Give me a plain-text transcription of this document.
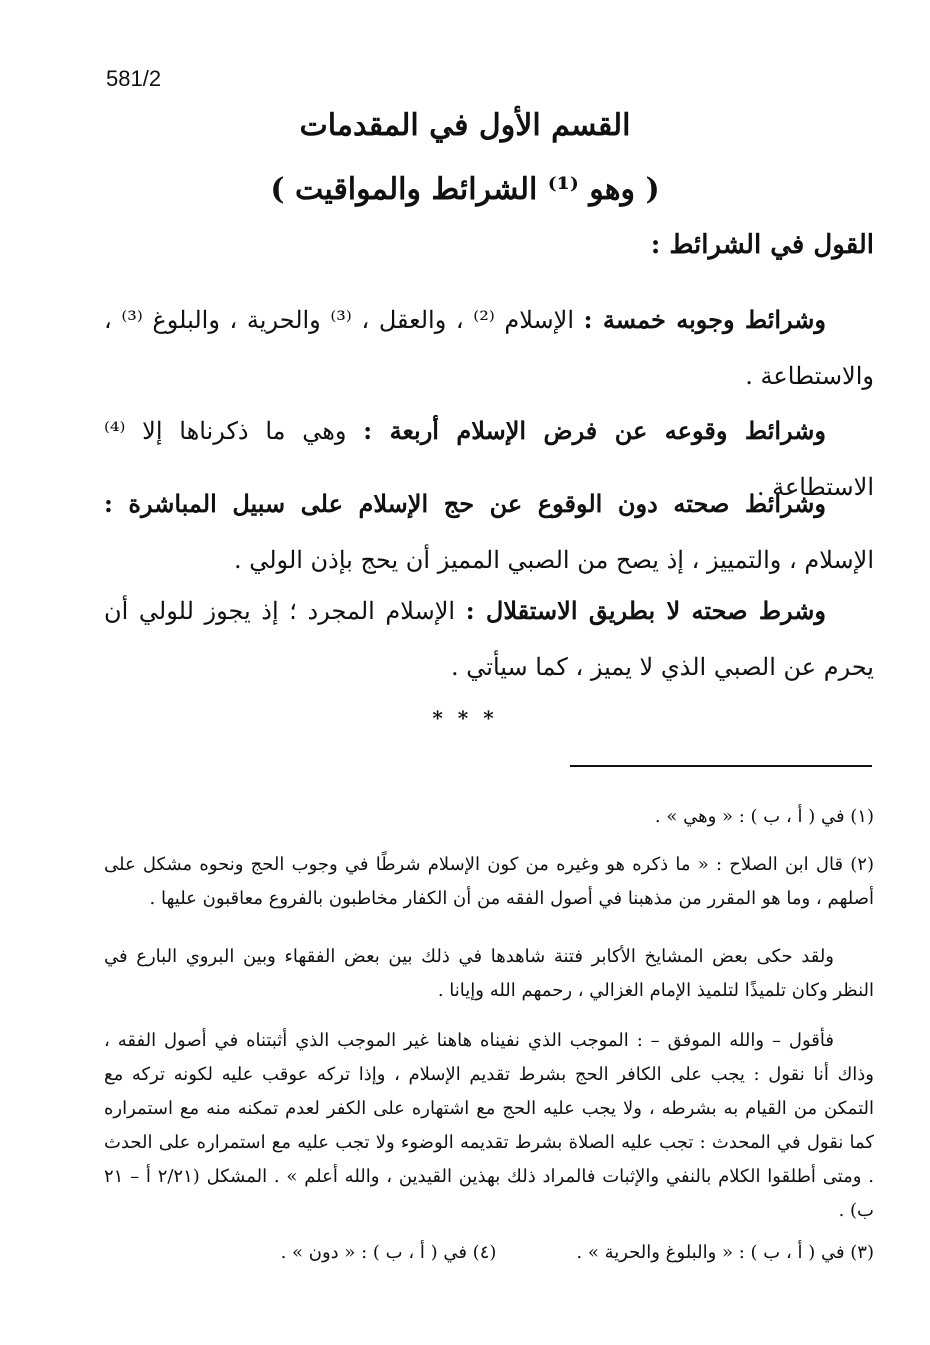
581/2
القسم الأول في المقدمات
( وهو ⁽¹⁾ الشرائط والمواقيت )
القول في الشرائط :
وشرائط وجوبه خمسة : الإسلام ⁽²⁾ ، والعقل ، ⁽³⁾ والحرية ، والبلوغ ⁽³⁾ ، والاستطاعة .
وشرائط وقوعه عن فرض الإسلام أربعة : وهي ما ذكرناها إلا ⁽⁴⁾ الاستطاعة .
وشرائط صحته دون الوقوع عن حج الإسلام على سبيل المباشرة : الإسلام ، والتمييز ، إذ يصح من الصبي المميز أن يحج بإذن الولي .
وشرط صحته لا بطريق الاستقلال : الإسلام المجرد ؛ إذ يجوز للولي أن يحرم عن الصبي الذي لا يميز ، كما سيأتي .
* * *
(١) في ( أ ، ب ) : « وهي » .
(٢) قال ابن الصلاح : « ما ذكره هو وغيره من كون الإسلام شرطًا في وجوب الحج ونحوه مشكل على أصلهم ، وما هو المقرر من مذهبنا في أصول الفقه من أن الكفار مخاطبون بالفروع معاقبون عليها .
ولقد حكى بعض المشايخ الأكابر فتنة شاهدها في ذلك بين بعض الفقهاء وبين البروي البارع في النظر وكان تلميذًا لتلميذ الإمام الغزالي ، رحمهم الله وإيانا .
فأقول – والله الموفق – : الموجب الذي نفيناه هاهنا غير الموجب الذي أثبتناه في أصول الفقه ، وذاك أنا نقول : يجب على الكافر الحج بشرط تقديم الإسلام ، وإذا تركه عوقب عليه لكونه تركه مع التمكن من القيام به بشرطه ، ولا يجب عليه الحج مع اشتهاره على الكفر لعدم تمكنه منه مع استمراره كما نقول في المحدث : تجب عليه الصلاة بشرط تقديمه الوضوء ولا تجب عليه مع استمراره على الحدث . ومتى أطلقوا الكلام بالنفي والإثبات فالمراد ذلك بهذين القيدين ، والله أعلم » . المشكل (٢/٢١ أ – ٢١ ب) .
(٣) في ( أ ، ب ) : « والبلوغ والحرية » .
(٤) في ( أ ، ب ) : « دون » .
